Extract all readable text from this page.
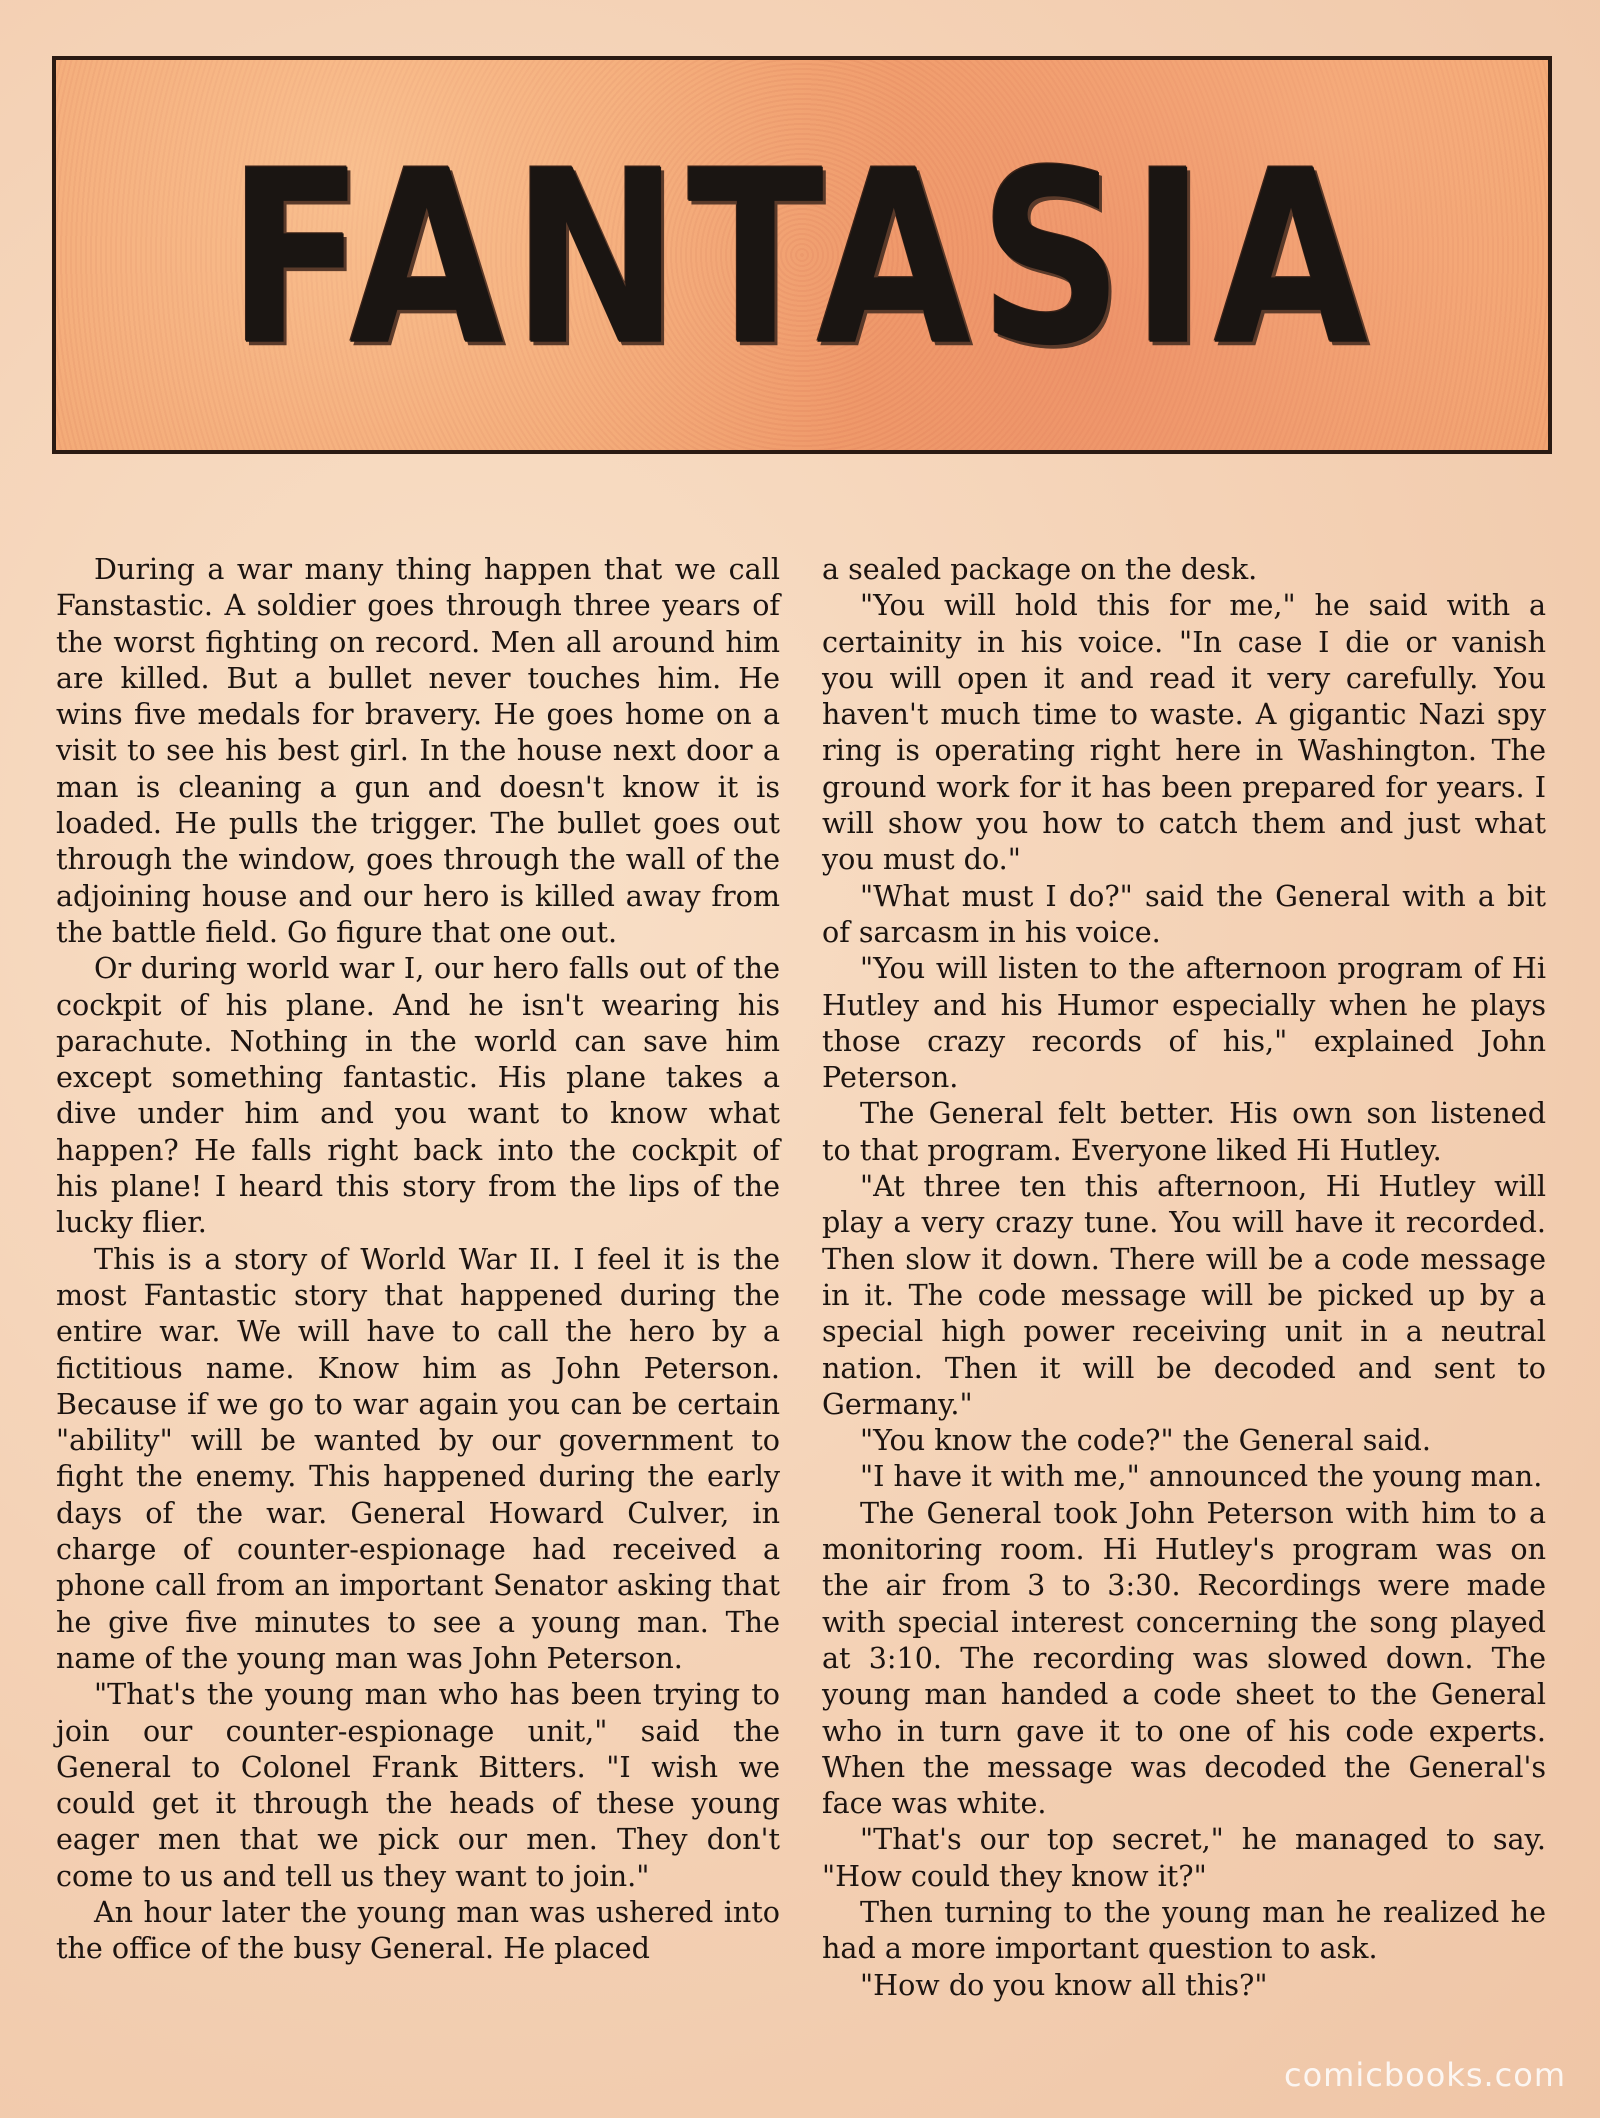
FANTASIA

During a war many thing happen that we call Fanstastic. A soldier goes through three years of the worst fighting on record. Men all around him are killed. But a bullet never touches him. He wins five medals for bravery. He goes home on a visit to see his best girl. In the house next door a man is cleaning a gun and doesn't know it is loaded. He pulls the trigger. The bullet goes out through the window, goes through the wall of the adjoining house and our hero is killed away from the battle field. Go figure that one out.

Or during world war I, our hero falls out of the cockpit of his plane. And he isn't wearing his parachute. Nothing in the world can save him except something fantastic. His plane takes a dive under him and you want to know what happen? He falls right back into the cockpit of his plane! I heard this story from the lips of the lucky flier.

This is a story of World War II. I feel it is the most Fantastic story that happened during the entire war. We will have to call the hero by a fictitious name. Know him as John Peterson. Because if we go to war again you can be certain "ability" will be wanted by our government to fight the enemy. This happened during the early days of the war. General Howard Culver, in charge of counter-espionage had received a phone call from an important Senator asking that he give five minutes to see a young man. The name of the young man was John Peterson.

"That's the young man who has been trying to join our counter-espionage unit," said the General to Colonel Frank Bitters. "I wish we could get it through the heads of these young eager men that we pick our men. They don't come to us and tell us they want to join."

An hour later the young man was ushered into the office of the busy General. He placed

a sealed package on the desk.

"You will hold this for me," he said with a certainity in his voice. "In case I die or vanish you will open it and read it very carefully. You haven't much time to waste. A gigantic Nazi spy ring is operating right here in Washington. The ground work for it has been prepared for years. I will show you how to catch them and just what you must do."

"What must I do?" said the General with a bit of sarcasm in his voice.

"You will listen to the afternoon program of Hi Hutley and his Humor especially when he plays those crazy records of his," explained John Peterson.

The General felt better. His own son listened to that program. Everyone liked Hi Hutley.

"At three ten this afternoon, Hi Hutley will play a very crazy tune. You will have it recorded. Then slow it down. There will be a code message in it. The code message will be picked up by a special high power receiving unit in a neutral nation. Then it will be decoded and sent to Germany."

"You know the code?" the General said.

"I have it with me," announced the young man.

The General took John Peterson with him to a monitoring room. Hi Hutley's program was on the air from 3 to 3:30. Recordings were made with special interest concerning the song played at 3:10. The recording was slowed down. The young man handed a code sheet to the General who in turn gave it to one of his code experts. When the message was decoded the General's face was white.

"That's our top secret," he managed to say. "How could they know it?"

Then turning to the young man he realized he had a more important question to ask.

"How do you know all this?"

comicbooks.com
